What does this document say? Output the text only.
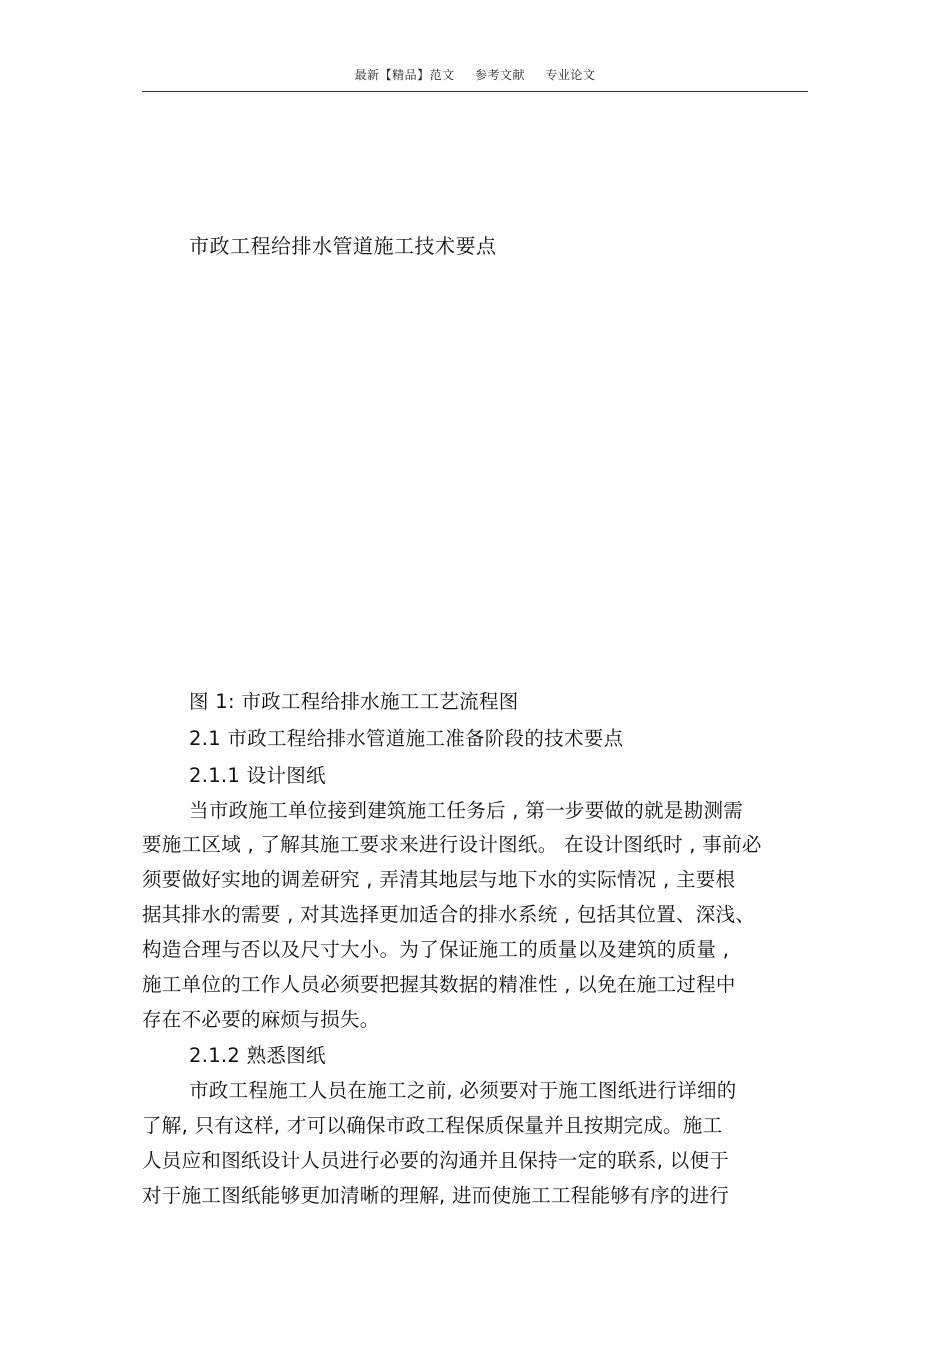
最新【精品】范文 参考文献 专业论文
市政工程给排水管道施工技术要点
图 1: 市政工程给排水施工工艺流程图
2.1 市政工程给排水管道施工准备阶段的技术要点
2.1.1 设计图纸
当市政施工单位接到建筑施工任务后 , 第一步要做的就是勘测需
要施工区域 , 了解其施工要求来进行设计图纸。 在设计图纸时 , 事前必
须要做好实地的调差研究 , 弄清其地层与地下水的实际情况 , 主要根
据其排水的需要 , 对其选择更加适合的排水系统 , 包括其位置、深浅、
构造合理与否以及尺寸大小。为了保证施工的质量以及建筑的质量 ,
施工单位的工作人员必须要把握其数据的精准性 , 以免在施工过程中
存在不必要的麻烦与损失。
2.1.2 熟悉图纸
市政工程施工人员在施工之前, 必须要对于施工图纸进行详细的
了解, 只有这样, 才可以确保市政工程保质保量并且按期完成。施工
人员应和图纸设计人员进行必要的沟通并且保持一定的联系, 以便于
对于施工图纸能够更加清晰的理解, 进而使施工工程能够有序的进行
